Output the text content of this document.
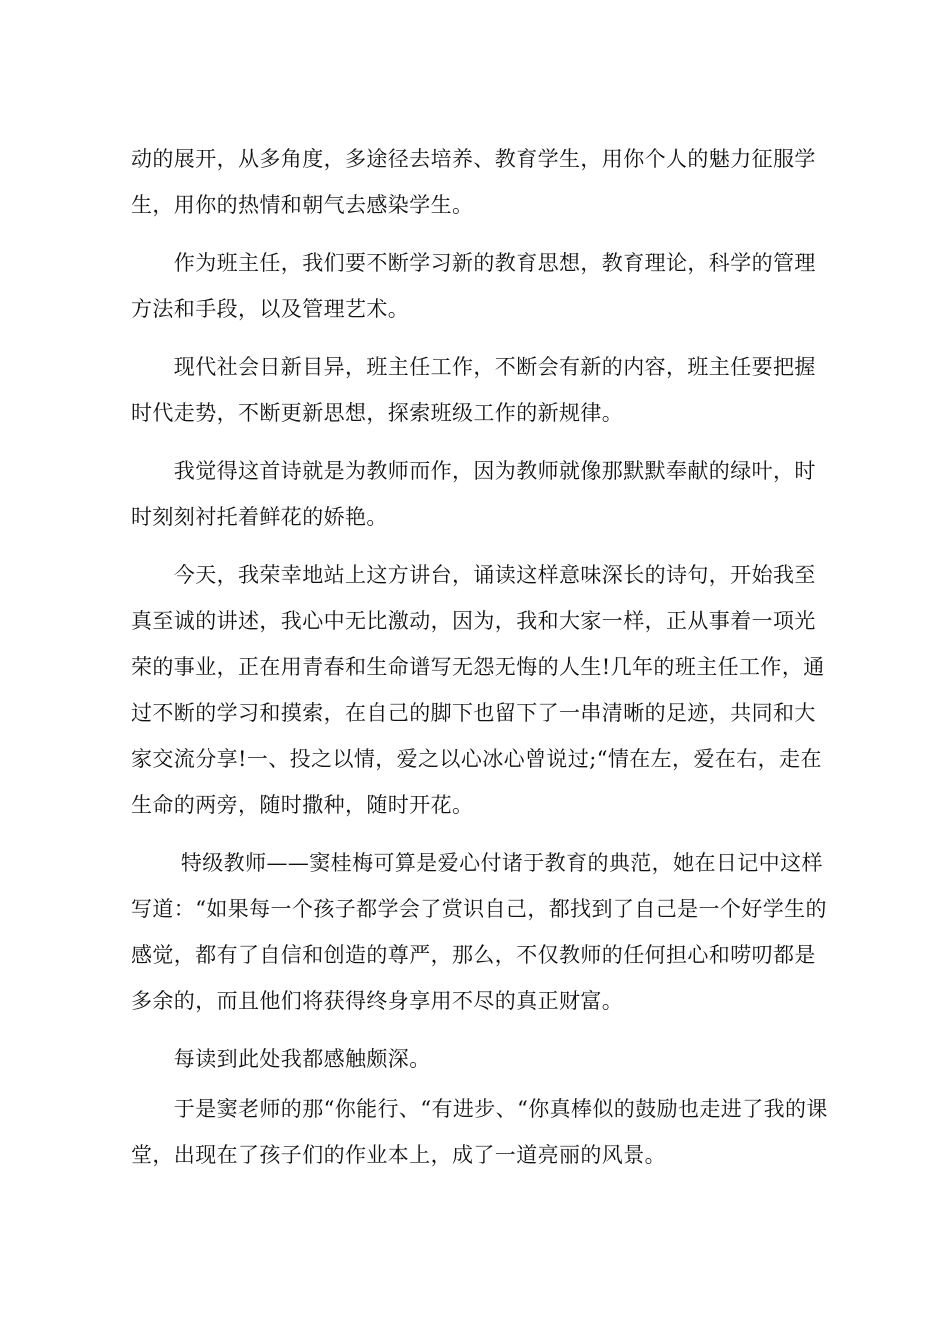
动的展开，从多角度，多途径去培养、教育学生，用你个人的魅力征服学生，用你的热情和朝气去感染学生。

　　作为班主任，我们要不断学习新的教育思想，教育理论，科学的管理方法和手段，以及管理艺术。

　　现代社会日新目异，班主任工作，不断会有新的内容，班主任要把握时代走势，不断更新思想，探索班级工作的新规律。

　　我觉得这首诗就是为教师而作，因为教师就像那默默奉献的绿叶，时时刻刻衬托着鲜花的娇艳。

　　今天，我荣幸地站上这方讲台，诵读这样意味深长的诗句，开始我至真至诚的讲述，我心中无比激动，因为，我和大家一样，正从事着一项光荣的事业，正在用青春和生命谱写无怨无悔的人生!几年的班主任工作，通过不断的学习和摸索，在自己的脚下也留下了一串清晰的足迹，共同和大家交流分享!一、投之以情，爱之以心冰心曾说过;“情在左，爱在右，走在生命的两旁，随时撒种，随时开花。

　　 特级教师——窦桂梅可算是爱心付诸于教育的典范，她在日记中这样写道：“如果每一个孩子都学会了赏识自己，都找到了自己是一个好学生的感觉，都有了自信和创造的尊严，那么，不仅教师的任何担心和唠叨都是多余的，而且他们将获得终身享用不尽的真正财富。

　　每读到此处我都感触颇深。

　　于是窦老师的那“你能行、“有进步、“你真棒似的鼓励也走进了我的课堂，出现在了孩子们的作业本上，成了一道亮丽的风景。
